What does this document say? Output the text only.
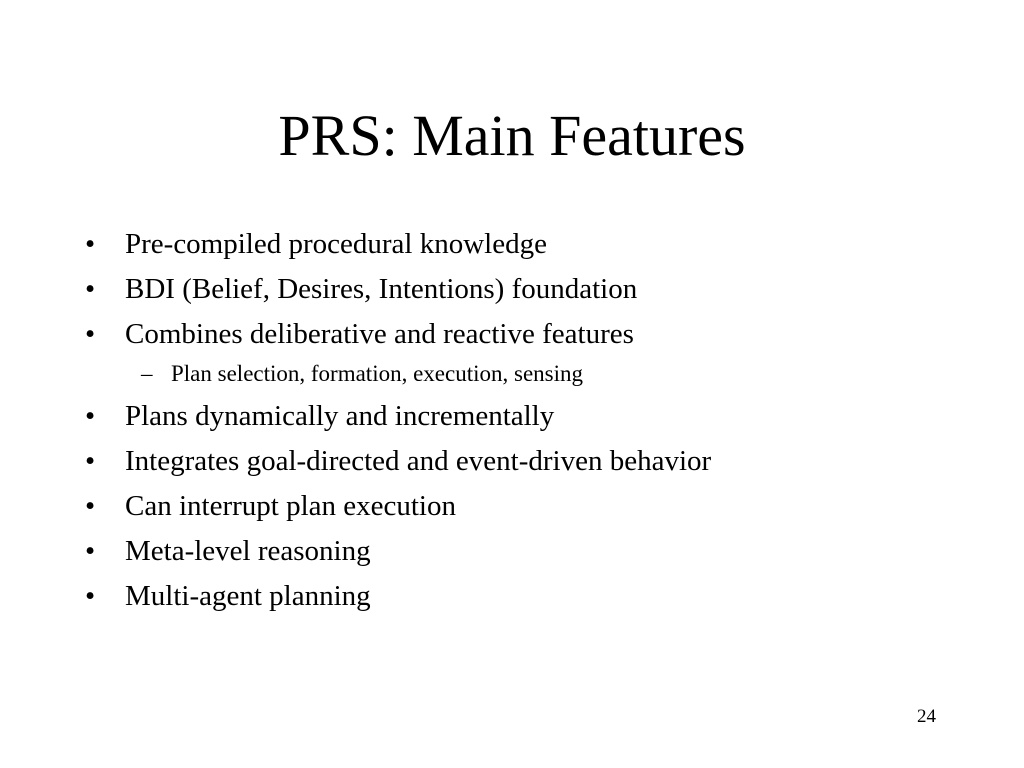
PRS: Main Features
• Pre-compiled procedural knowledge
• BDI (Belief, Desires, Intentions) foundation
• Combines deliberative and reactive features
– Plan selection, formation, execution, sensing
• Plans dynamically and incrementally
• Integrates goal-directed and event-driven behavior
• Can interrupt plan execution
• Meta-level reasoning
• Multi-agent planning
24
